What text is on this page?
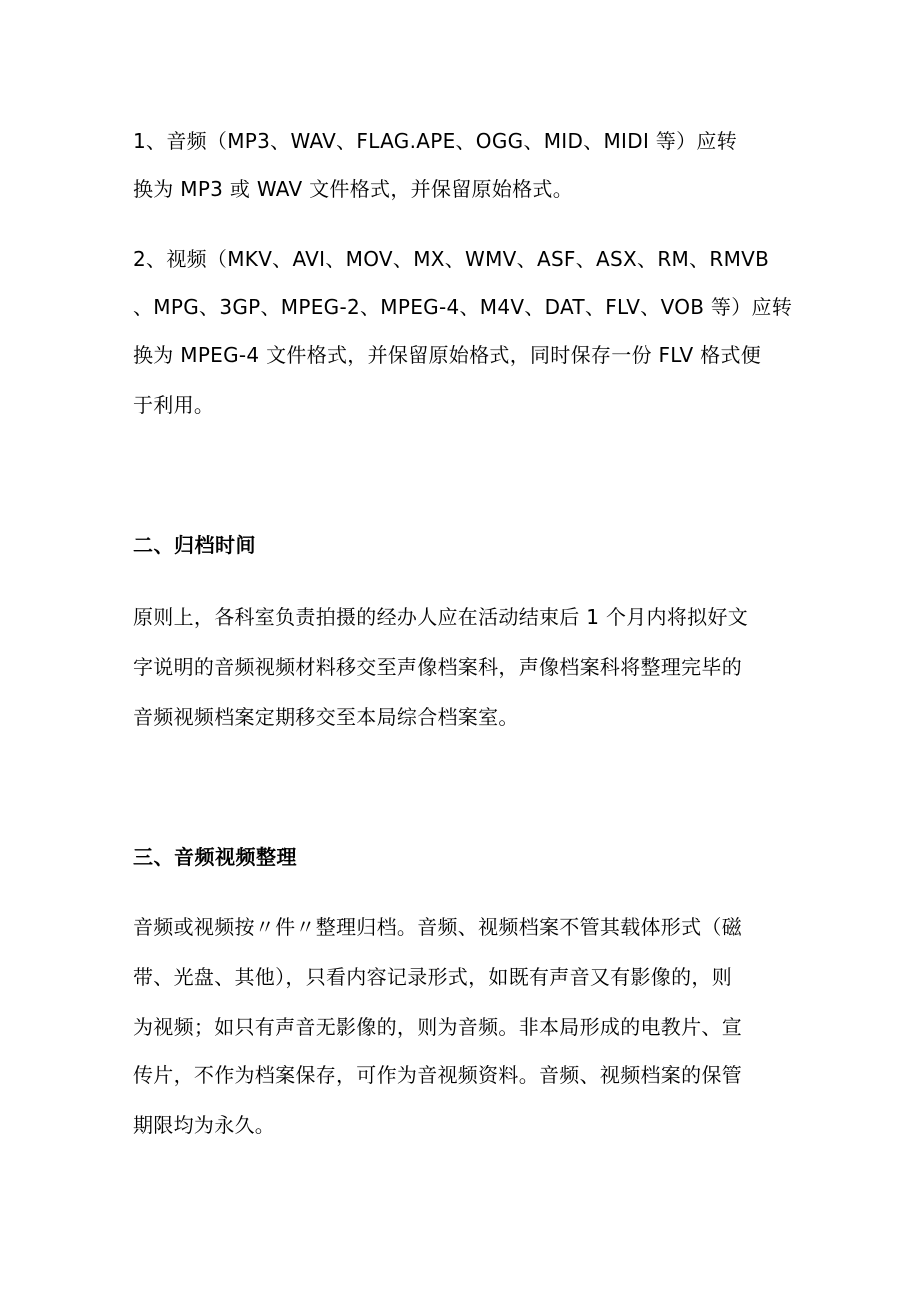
1、音频（MP3、WAV、FLAG.APE、OGG、MID、MIDI 等）应转
换为 MP3 或 WAV 文件格式，并保留原始格式。
2、视频（MKV、AVI、MOV、MX、WMV、ASF、ASX、RM、RMVB
、MPG、3GP、MPEG-2、MPEG-4、M4V、DAT、FLV、VOB 等）应转
换为 MPEG-4 文件格式，并保留原始格式，同时保存一份 FLV 格式便
于利用。
二、归档时间
原则上，各科室负责拍摄的经办人应在活动结束后 1 个月内将拟好文
字说明的音频视频材料移交至声像档案科，声像档案科将整理完毕的
音频视频档案定期移交至本局综合档案室。
三、音频视频整理
音频或视频按〃件〃整理归档。音频、视频档案不管其载体形式（磁
带、光盘、其他），只看内容记录形式，如既有声音又有影像的，则
为视频；如只有声音无影像的，则为音频。非本局形成的电教片、宣
传片，不作为档案保存，可作为音视频资料。音频、视频档案的保管
期限均为永久。
